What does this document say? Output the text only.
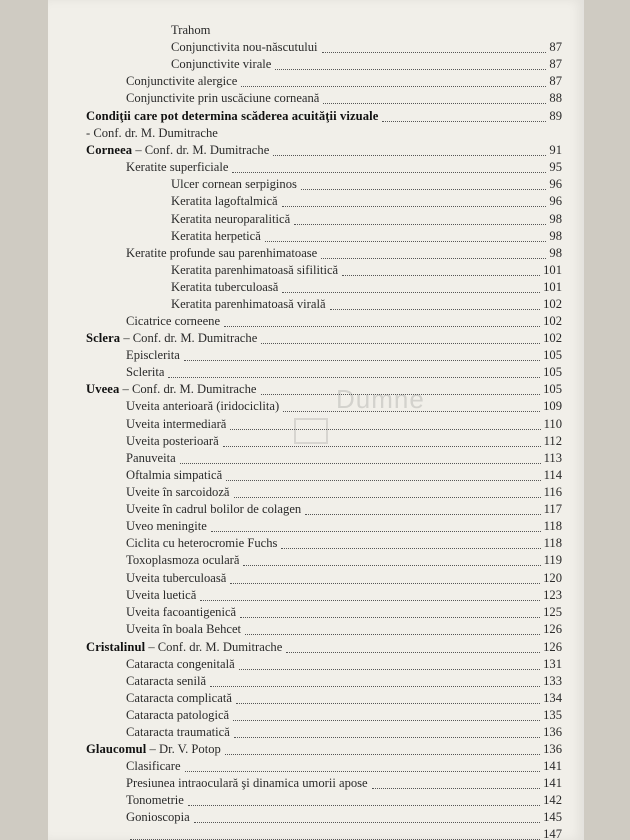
Dumne
Trahom
Conjunctivita nou-născutului	87
Conjunctivite virale	87
Conjunctivite alergice	87
Conjunctivite prin uscăciune corneană	88
Condiţii care pot determina scăderea acuităţii vizuale	89
- Conf. dr. M. Dumitrache
Corneea – Conf. dr. M. Dumitrache	91
Keratite superficiale	95
Ulcer cornean serpiginos	96
Keratita lagoftalmică	96
Keratita neuroparalitică	98
Keratita herpetică	98
Keratite profunde sau parenhimatoase	98
Keratita parenhimatoasă sifilitică	101
Keratita tuberculoasă	101
Keratita parenhimatoasă virală	102
Cicatrice corneene	102
Sclera – Conf. dr. M. Dumitrache	102
Episclerita	105
Sclerita	105
Uveea – Conf. dr. M. Dumitrache	105
Uveita anterioară (iridociclita)	109
Uveita intermediară	110
Uveita posterioară	112
Panuveita	113
Oftalmia simpatică	114
Uveite în sarcoidoză	116
Uveite în cadrul bolilor de colagen	117
Uveo meningite	118
Ciclita cu heterocromie Fuchs	118
Toxoplasmoza oculară	119
Uveita tuberculoasă	120
Uveita luetică	123
Uveita facoantigenică	125
Uveita în boala Behcet	126
Cristalinul – Conf. dr. M. Dumitrache	126
Cataracta congenitală	131
Cataracta senilă	133
Cataracta complicată	134
Cataracta patologică	135
Cataracta traumatică	136
Glaucomul – Dr. V. Potop	136
Clasificare	141
Presiunea intraoculară şi dinamica umorii apose	141
Tonometrie	142
Gonioscopia	145
147
